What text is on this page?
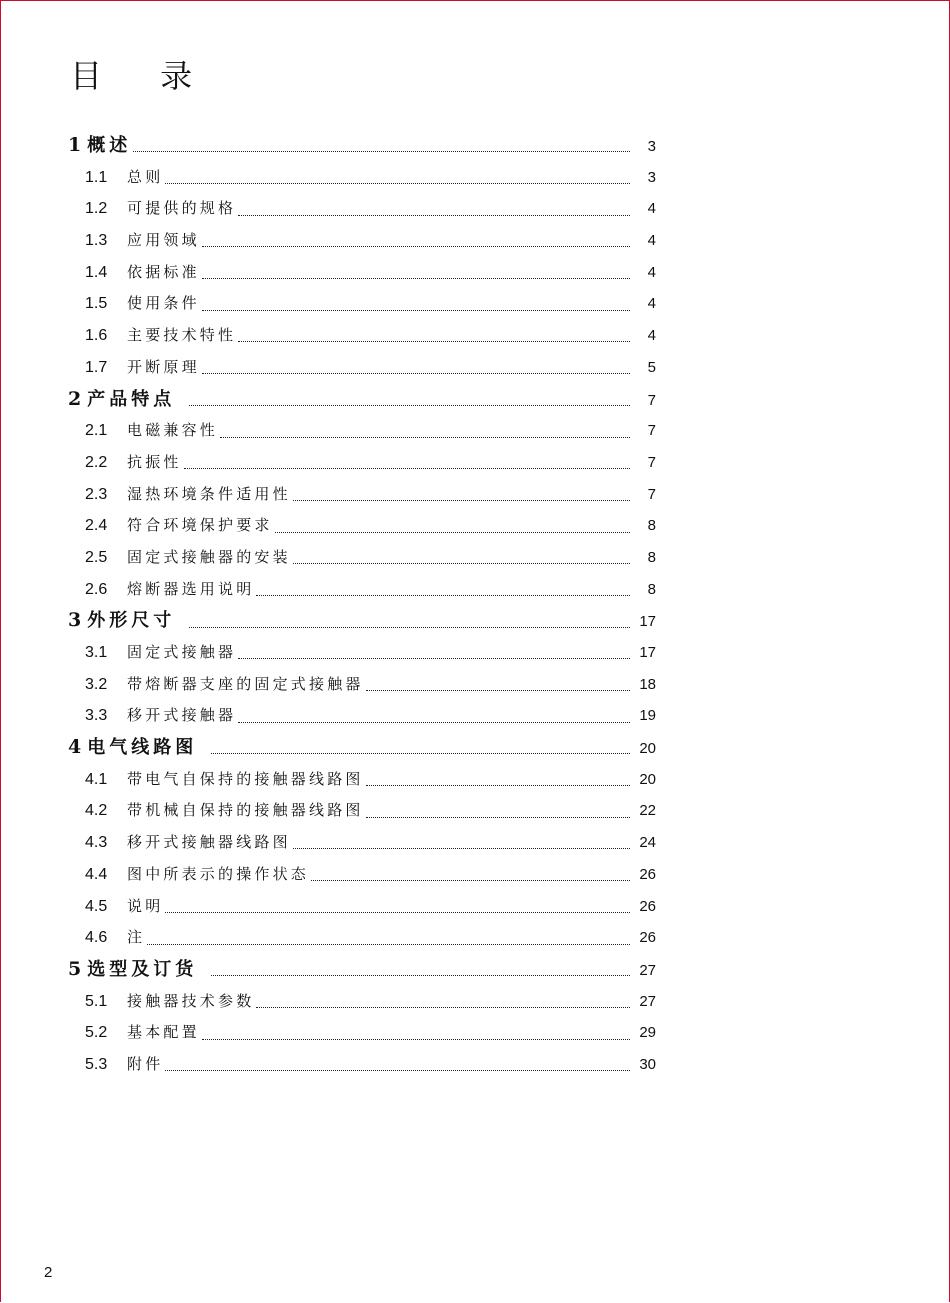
目 录
1 概述	3
1.1	总则	3
1.2	可提供的规格	4
1.3	应用领域	4
1.4	依据标准	4
1.5	使用条件	4
1.6	主要技术特性	4
1.7	开断原理	5
2 产品特点	7
2.1	电磁兼容性	7
2.2	抗振性	7
2.3	湿热环境条件适用性	7
2.4	符合环境保护要求	8
2.5	固定式接触器的安装	8
2.6	熔断器选用说明	8
3 外形尺寸	17
3.1	固定式接触器	17
3.2	带熔断器支座的固定式接触器	18
3.3	移开式接触器	19
4 电气线路图	20
4.1	带电气自保持的接触器线路图	20
4.2	带机械自保持的接触器线路图	22
4.3	移开式接触器线路图	24
4.4	图中所表示的操作状态	26
4.5	说明	26
4.6	注	26
5 选型及订货	27
5.1	接触器技术参数	27
5.2	基本配置	29
5.3	附件	30
2
